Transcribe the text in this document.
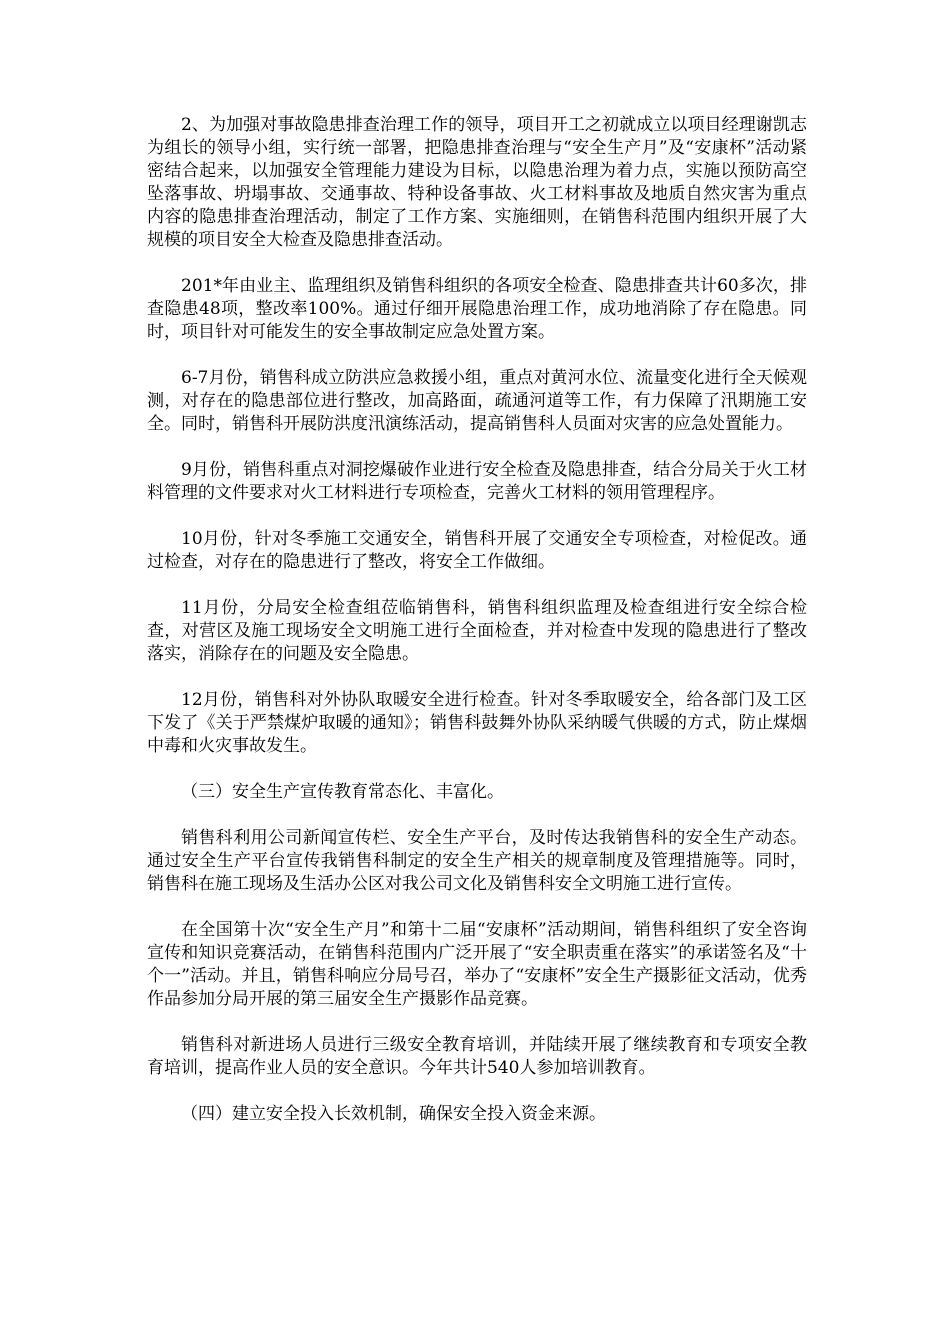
2、为加强对事故隐患排查治理工作的领导，项目开工之初就成立以项目经理谢凯志为组长的领导小组，实行统一部署，把隐患排查治理与“安全生产月”及“安康杯”活动紧密结合起来，以加强安全管理能力建设为目标，以隐患治理为着力点，实施以预防高空坠落事故、坍塌事故、交通事故、特种设备事故、火工材料事故及地质自然灾害为重点内容的隐患排查治理活动，制定了工作方案、实施细则，在销售科范围内组织开展了大规模的项目安全大检查及隐患排查活动。

201*年由业主、监理组织及销售科组织的各项安全检查、隐患排查共计60多次，排查隐患48项，整改率100%。通过仔细开展隐患治理工作，成功地消除了存在隐患。同时，项目针对可能发生的安全事故制定应急处置方案。

6-7月份，销售科成立防洪应急救援小组，重点对黄河水位、流量变化进行全天候观测，对存在的隐患部位进行整改，加高路面，疏通河道等工作，有力保障了汛期施工安全。同时，销售科开展防洪度汛演练活动，提高销售科人员面对灾害的应急处置能力。

9月份，销售科重点对洞挖爆破作业进行安全检查及隐患排查，结合分局关于火工材料管理的文件要求对火工材料进行专项检查，完善火工材料的领用管理程序。

10月份，针对冬季施工交通安全，销售科开展了交通安全专项检查，对检促改。通过检查，对存在的隐患进行了整改，将安全工作做细。

11月份，分局安全检查组莅临销售科，销售科组织监理及检查组进行安全综合检查，对营区及施工现场安全文明施工进行全面检查，并对检查中发现的隐患进行了整改落实，消除存在的问题及安全隐患。

12月份，销售科对外协队取暖安全进行检查。针对冬季取暖安全，给各部门及工区下发了《关于严禁煤炉取暖的通知》；销售科鼓舞外协队采纳暖气供暖的方式，防止煤烟中毒和火灾事故发生。

（三）安全生产宣传教育常态化、丰富化。

销售科利用公司新闻宣传栏、安全生产平台，及时传达我销售科的安全生产动态。通过安全生产平台宣传我销售科制定的安全生产相关的规章制度及管理措施等。同时，销售科在施工现场及生活办公区对我公司文化及销售科安全文明施工进行宣传。

在全国第十次“安全生产月”和第十二届“安康杯”活动期间，销售科组织了安全咨询宣传和知识竞赛活动，在销售科范围内广泛开展了“安全职责重在落实”的承诺签名及“十个一”活动。并且，销售科响应分局号召，举办了“安康杯”安全生产摄影征文活动，优秀作品参加分局开展的第三届安全生产摄影作品竞赛。

销售科对新进场人员进行三级安全教育培训，并陆续开展了继续教育和专项安全教育培训，提高作业人员的安全意识。今年共计540人参加培训教育。

（四）建立安全投入长效机制，确保安全投入资金来源。
